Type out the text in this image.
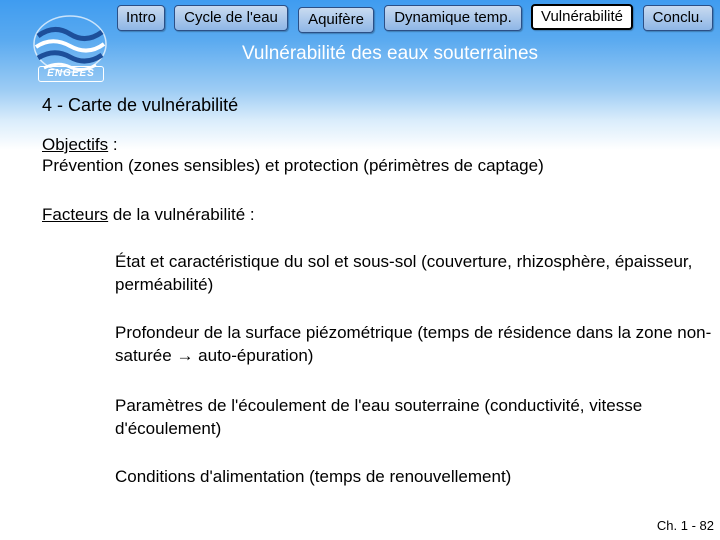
ENGEES
Intro	Cycle de l'eau	Aquifère	Dynamique temp.	Vulnérabilité	Conclu.
Vulnérabilité des eaux souterraines
4 - Carte de vulnérabilité
Objectifs :
Prévention (zones sensibles) et protection (périmètres de captage)
Facteurs de la vulnérabilité :
État et caractéristique du sol et sous-sol (couverture, rhizosphère, épaisseur, perméabilité)
Profondeur de la surface piézométrique (temps de résidence dans la zone non-saturée → auto-épuration)
Paramètres de l'écoulement de l'eau souterraine (conductivité, vitesse d'écoulement)
Conditions d'alimentation (temps de renouvellement)
Ch. 1 - 82
